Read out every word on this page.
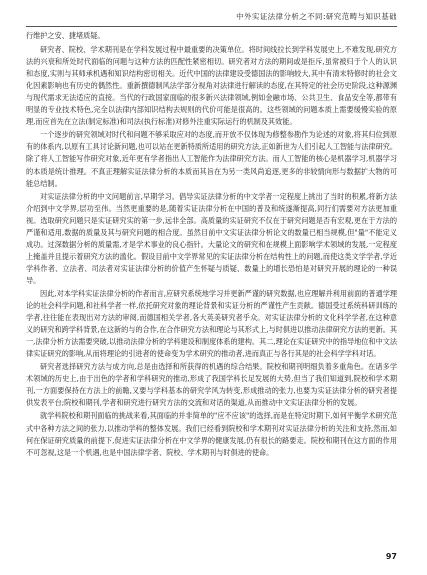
中外实证法律分析之不同:研究范畴与知识基础

行维护之安、捷堵质疑。

研究者、院校、学术期刊是在学科发展过程中最重要的决策单位。将时间线拉长到学科发展史上,不难发现,研究方法的兴衰和所处时代面临的问题与这种方法的匹配性紧密相切。研究者对方法的期间或是拒斥,虽常被归于个人的认识和态度,实则与其师承机遇和知识结构密切相关。近代中国的法律建设受德国法的影响较大,其中有清末特修时的社会文化因素影响也有历史的偶然性。重新撰德制风法学部分视角对法律进行解读的态度,在其特定的社会历史阶段,这种源渊与现代需求无法适应的直接。当代的行政国家面临的很多新兴法律领域,例如金融市场、公共卫生、食品安全等,都带有明显的专业技术特色,完全以法律内部知识结构去规则的代价可能是很高的。这些领域的问题本质上需要缓慢实验的原理,而应首先在立法(制定标准)和司法(执行标准)对修外注重实际运行的机制及其效能。

一个逐步的研究领域对时代和问题不够采取应对的态度,而开放不仅体现为修整参勘作为论述的对象,将其归位到原有的体系内,以原有工具讨论新问题,也可以站在更新特质所适用的研究方法,正如新世为人们引起人工智能与法律研究。除了将人工智能写作研究对象,近年更有学者指出人工智能作为法律研究方法。而人工智能的核心是机器学习,机器学习的本质是统计推理。不真正理解实证法律分析的本质而其旨在为另一类风尚追逐,更多的非较情向形与数据扩大物的可能总结制。

对实证法律分析的中文问题前言,早期学习。倡导实证法律分析的中文学者一定程度上挑出了当时的积累,将新方法介绍到中文学界,层功至伟。当然更重要的是,随着实证法律分析在中国的普及和统遂渐提高,同行们需要对方法更加重视。选取研究问题只是实证研究实的第一步,远非全部。高质量的实证研究不仅在于研究问题是否有宏观,更在于方法的严谨和适用,数据的质量及其与研究问题的相合度。虽然目前中文实证法律分析论文的数量已相当规模,但"量"不能定义成功。过深数据分析的质量需,才是学术事业的良心指针。大量论文的研究和在规模上面影响学术领域的发展,一定程度上掩盖并且提示着研究方法的滥化。假设目前中文学界常见的实证法律分析在结构性上的问题,而使这类文学学者,学近学科作者、立法者、司法者对实证法律分析的价值产生怀疑与质疑、数量上的增长恐怕是对研究开展的理论的一种误导。

因此,对本学科实证法律分析的作者而言,应研究系统地学习并更新严谨的研究数据,也应理解并利用前面的普通学理论的社会科学问题,和社科学者一样,依托研究对象的理论背景和实证分析的严谨性产生贡献。德国受过系统科研训练的学者,往往能在表现出对方法的审阅,而德国相关学者,各大英美研究者乎众。对实证法律分析的文化科学学者,在这种意义的研究和跨学科背景,在这新的与的合作,在合作研究方法和理论与其形式上,与时俱进以推动法律研究方法的更新。其一,法律分析方法需要突破,以推动法律分析的学科建设和制度体系的建构。其二,理论在实证研究中的指导地位和中文法律实证研究的影响,从而将理论的引进者的使命变为学术研究的推动者,进而真正与各行其是的社会科学学科对话。

研究者选择研究方法与成方向,总是由选择和所获得的机遇的综合结果。院校和期刊明细负着多重角色。在诸多学术领域的历史上,由于出色的学者和学科研究的推动,形成了我国学科长足发展的大势,但当了我们知道到,院校和学术期刊,一方面要保持在方法上的前瞻,又要与学科基本的研究学风为转变,形成推动的张力,也要为实证法律分析的研究者提供发表平台;院校和期刊,学者和研究进行研究方法的交流和对话的渠道,从而推动中文实证法律分析的发展。

就学科院校和期刊面临的挑战来看,其面临的并非简单的"应不应该"的选择,而是在特定时期下,如何平衡学术研究范式中各种方法之间的张力,以推动学科的整体发展。我们已经看到院校和学术期刊对实证法律分析的关注和支持,然而,如何在保证研究质量的前提下,促进实证法律分析在中文学界的健康发展,仍有很长的路要走。院校和期刊在这方面的作用不可忽视,这是一个机遇,也是中国法律学者、院校、学术期刊与时俱进的使命。

97
